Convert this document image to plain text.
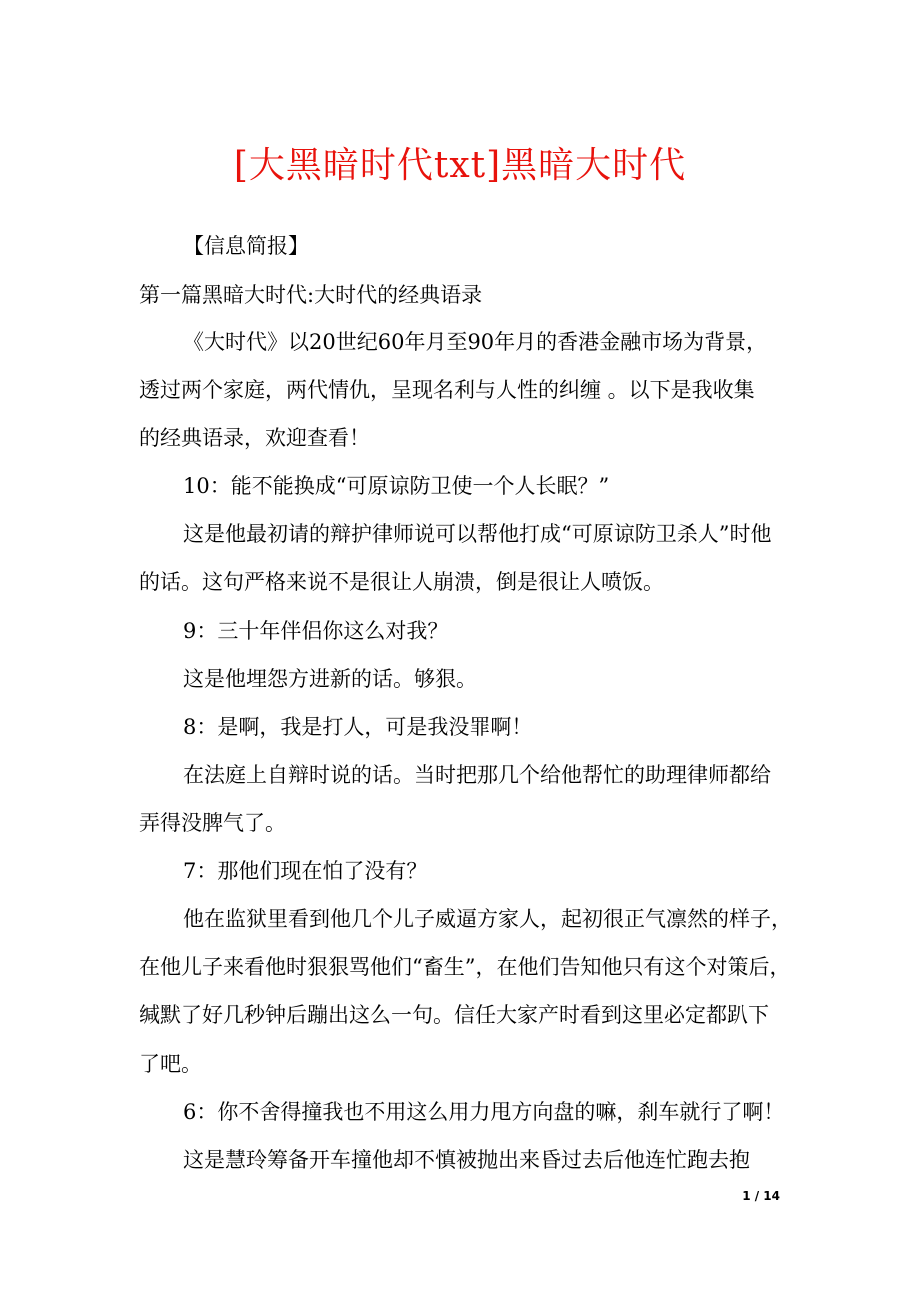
[大黑暗时代txt]黑暗大时代

【信息简报】

第一篇黑暗大时代:大时代的经典语录

《大时代》以20世纪60年月至90年月的香港金融市场为背景，

透过两个家庭，两代情仇，呈现名利与人性的纠缠 。以下是我收集

的经典语录，欢迎查看！

10：能不能换成“可原谅防卫使一个人长眠？”

这是他最初请的辩护律师说可以帮他打成“可原谅防卫杀人”时他

的话。这句严格来说不是很让人崩溃，倒是很让人喷饭。

9：三十年伴侣你这么对我？

这是他埋怨方进新的话。够狠。

8：是啊，我是打人，可是我没罪啊！

在法庭上自辩时说的话。当时把那几个给他帮忙的助理律师都给

弄得没脾气了。

7：那他们现在怕了没有？

他在监狱里看到他几个儿子威逼方家人，起初很正气凛然的样子，

在他儿子来看他时狠狠骂他们“畜生”，在他们告知他只有这个对策后，

缄默了好几秒钟后蹦出这么一句。信任大家产时看到这里必定都趴下

了吧。

6：你不舍得撞我也不用这么用力甩方向盘的嘛，刹车就行了啊！

这是慧玲筹备开车撞他却不慎被抛出来昏过去后他连忙跑去抱

1 / 14
